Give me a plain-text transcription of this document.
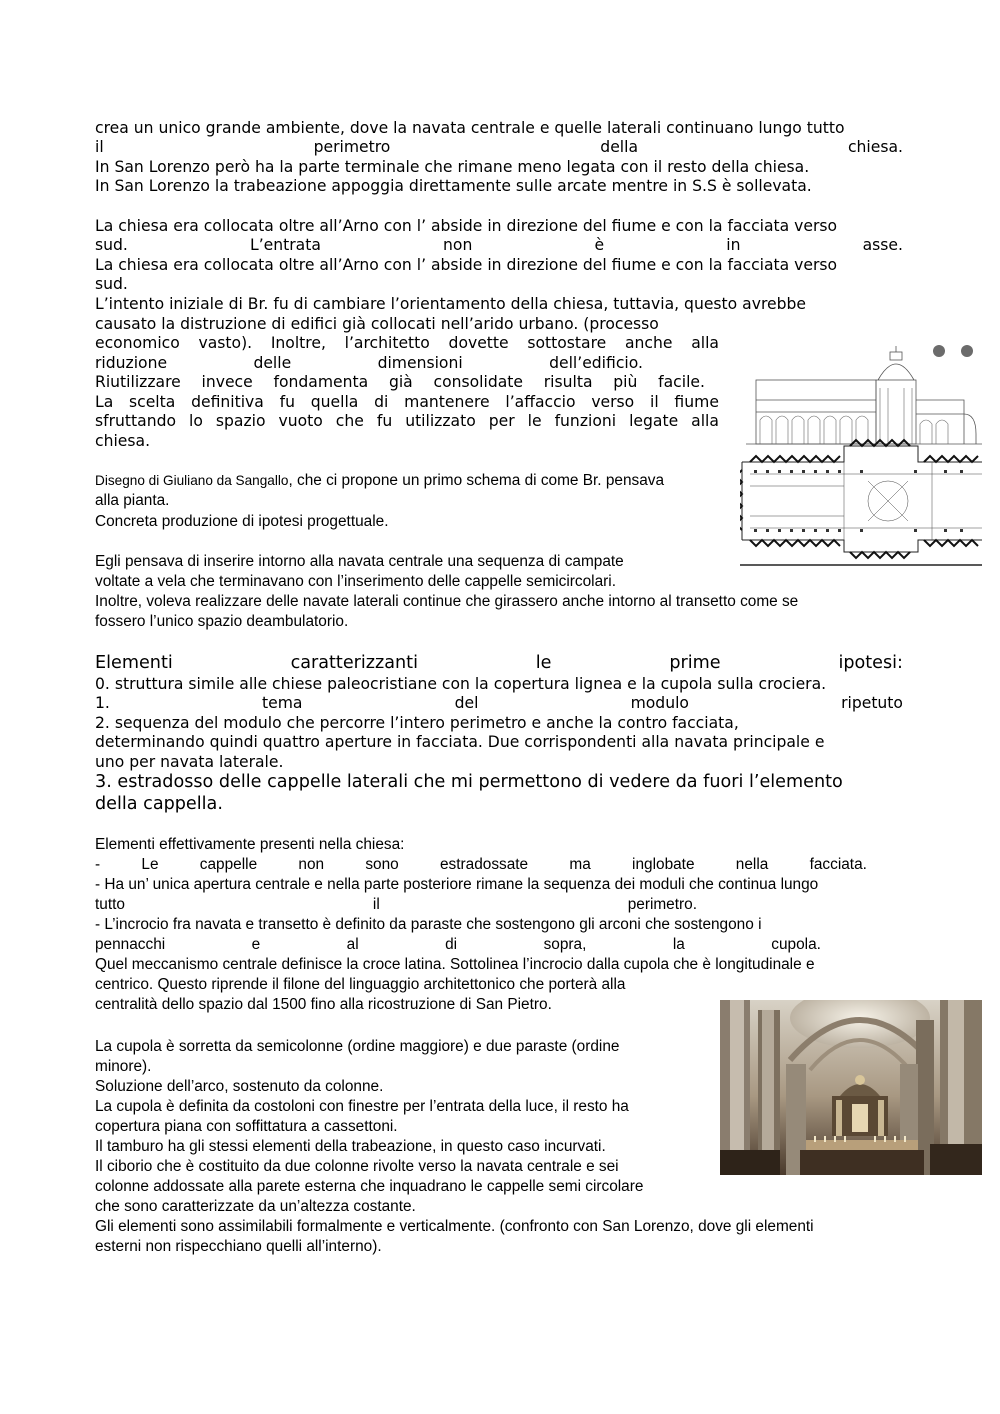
crea un unico grande ambiente, dove la navata centrale e quelle laterali continuano lungo tutto
il	perimetro	della	chiesa.
In San Lorenzo però ha la parte terminale che rimane meno legata con il resto della chiesa.
In San Lorenzo la trabeazione appoggia direttamente sulle arcate mentre in S.S è sollevata.
La chiesa era collocata oltre all’Arno con l’ abside in direzione del fiume e con la facciata verso
sud.	L’entrata	non	è	in	asse.
La chiesa era collocata oltre all’Arno con l’ abside in direzione del fiume e con la facciata verso
sud.
L’intento iniziale di Br. fu di cambiare l’orientamento della chiesa, tuttavia, questo avrebbe
causato la distruzione di edifici già collocati nell’arido urbano. (processo
economico vasto). Inoltre, l’architetto dovette sottostare anche alla
riduzione	delle	dimensioni	dell’edificio.
Riutilizzare invece fondamenta già consolidate risulta più facile.
La scelta definitiva fu quella di mantenere l’affaccio verso il fiume
sfruttando lo spazio vuoto che fu utilizzato per le funzioni legate alla
chiesa.
Disegno di Giuliano da Sangallo, che ci propone un primo schema di come Br. pensava
alla pianta.
Concreta produzione di ipotesi progettuale.
Egli pensava di inserire intorno alla navata centrale una sequenza di campate
voltate a vela che terminavano con l’inserimento delle cappelle semicircolari.
Inoltre, voleva realizzare delle navate laterali continue che girassero anche intorno al transetto come se
fossero l’unico spazio deambulatorio.
Elementi	caratterizzanti	le	prime	ipotesi:
0. struttura simile alle chiese paleocristiane con la copertura lignea e la cupola sulla crociera.
1.	tema	del	modulo	ripetuto
2. sequenza del modulo che percorre l’intero perimetro e anche la contro facciata,
determinando quindi quattro aperture in facciata. Due corrispondenti alla navata principale e
uno per navata laterale.
3. estradosso delle cappelle laterali che mi permettono di vedere da fuori l’elemento
della cappella.
Elementi effettivamente presenti nella chiesa:
-	Le	cappelle	non	sono	estradossate	ma	inglobate	nella	facciata.
- Ha un’ unica apertura centrale e nella parte posteriore rimane la sequenza dei moduli che continua lungo
tutto	il	perimetro.
- L’incrocio fra navata e transetto è definito da paraste che sostengono gli arconi che sostengono i
pennacchi	e	al	di	sopra,	la	cupola.
Quel meccanismo centrale definisce la croce latina. Sottolinea l’incrocio dalla cupola che è longitudinale e
centrico. Questo riprende il filone del linguaggio architettonico che porterà alla
centralità dello spazio dal 1500 fino alla ricostruzione di San Pietro.
La cupola è sorretta da semicolonne (ordine maggiore) e due paraste (ordine
minore).
Soluzione dell’arco, sostenuto da colonne.
La cupola è definita da costoloni con finestre per l’entrata della luce, il resto ha
copertura piana con soffittatura a cassettoni.
Il tamburo ha gli stessi elementi della trabeazione, in questo caso incurvati.
Il ciborio che è costituito da due colonne rivolte verso la navata centrale e sei
colonne addossate alla parete esterna che inquadrano le cappelle semi circolare
che sono caratterizzate da un’altezza costante.
Gli elementi sono assimilabili formalmente e verticalmente. (confronto con San Lorenzo, dove gli elementi
esterni non rispecchiano quelli all’interno).
